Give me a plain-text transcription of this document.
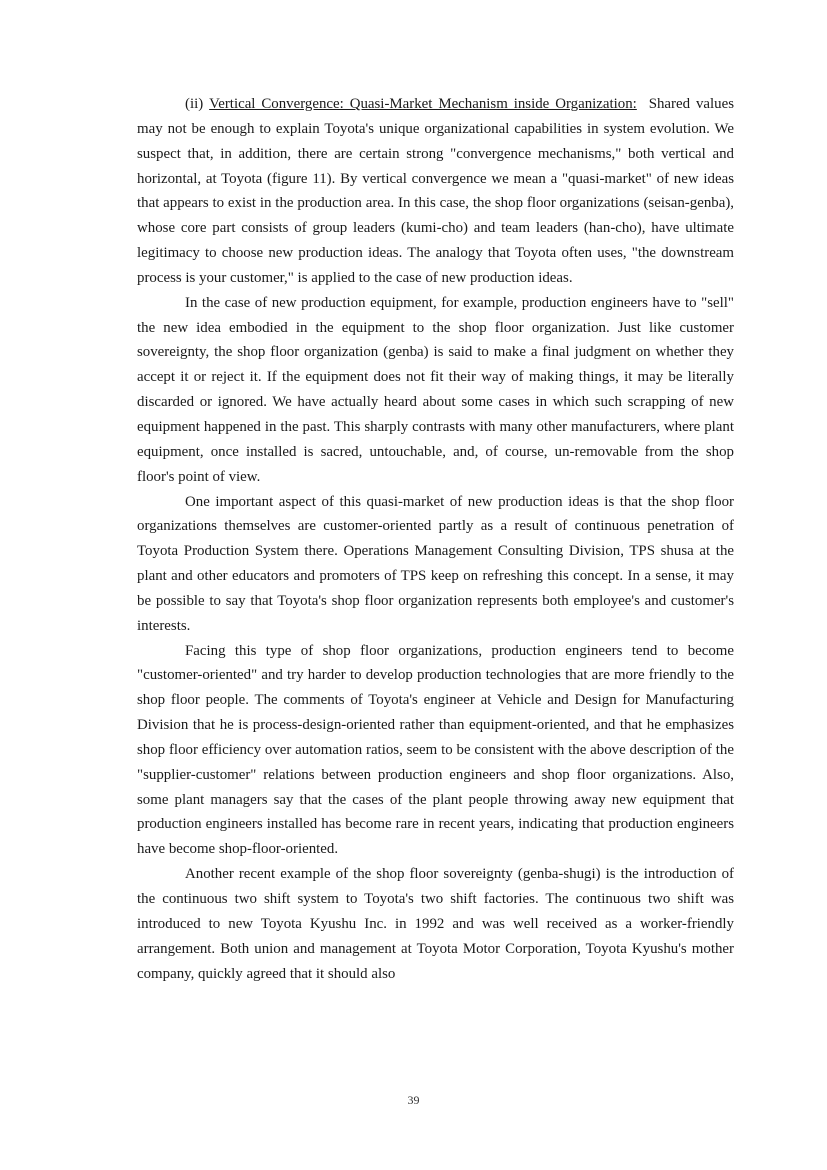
(ii) Vertical Convergence: Quasi-Market Mechanism inside Organization: Shared values may not be enough to explain Toyota's unique organizational capabilities in system evolution. We suspect that, in addition, there are certain strong "convergence mechanisms," both vertical and horizontal, at Toyota (figure 11). By vertical convergence we mean a "quasi-market" of new ideas that appears to exist in the production area. In this case, the shop floor organizations (seisan-genba), whose core part consists of group leaders (kumi-cho) and team leaders (han-cho), have ultimate legitimacy to choose new production ideas. The analogy that Toyota often uses, "the downstream process is your customer," is applied to the case of new production ideas.

In the case of new production equipment, for example, production engineers have to "sell" the new idea embodied in the equipment to the shop floor organization. Just like customer sovereignty, the shop floor organization (genba) is said to make a final judgment on whether they accept it or reject it. If the equipment does not fit their way of making things, it may be literally discarded or ignored. We have actually heard about some cases in which such scrapping of new equipment happened in the past. This sharply contrasts with many other manufacturers, where plant equipment, once installed is sacred, untouchable, and, of course, un-removable from the shop floor's point of view.

One important aspect of this quasi-market of new production ideas is that the shop floor organizations themselves are customer-oriented partly as a result of continuous penetration of Toyota Production System there. Operations Management Consulting Division, TPS shusa at the plant and other educators and promoters of TPS keep on refreshing this concept. In a sense, it may be possible to say that Toyota's shop floor organization represents both employee's and customer's interests.

Facing this type of shop floor organizations, production engineers tend to become "customer-oriented" and try harder to develop production technologies that are more friendly to the shop floor people. The comments of Toyota's engineer at Vehicle and Design for Manufacturing Division that he is process-design-oriented rather than equipment-oriented, and that he emphasizes shop floor efficiency over automation ratios, seem to be consistent with the above description of the "supplier-customer" relations between production engineers and shop floor organizations. Also, some plant managers say that the cases of the plant people throwing away new equipment that production engineers installed has become rare in recent years, indicating that production engineers have become shop-floor-oriented.

Another recent example of the shop floor sovereignty (genba-shugi) is the introduction of the continuous two shift system to Toyota's two shift factories. The continuous two shift was introduced to new Toyota Kyushu Inc. in 1992 and was well received as a worker-friendly arrangement. Both union and management at Toyota Motor Corporation, Toyota Kyushu's mother company, quickly agreed that it should also

39
